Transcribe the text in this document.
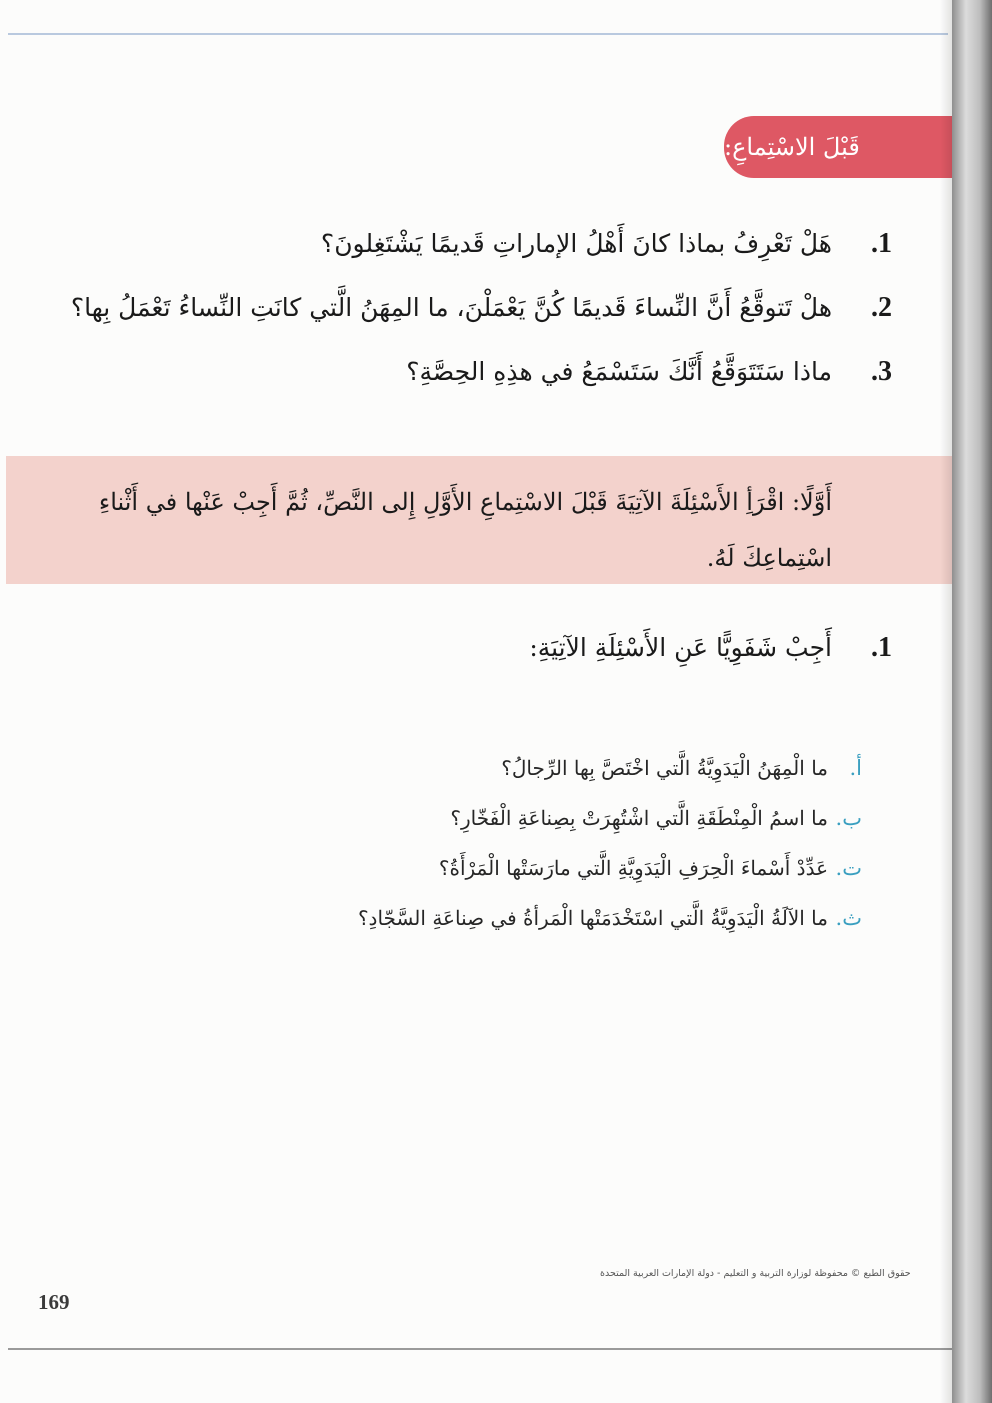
قَبْلَ الاسْتِماعِ:
1.
هَلْ تَعْرِفُ بماذا كانَ أَهْلُ الإماراتِ قَديمًا يَشْتَغِلونَ؟
2.
هلْ تَتوقَّعُ أَنَّ النِّساءَ قَديمًا كُنَّ يَعْمَلْنَ، ما المِهَنُ الَّتي كانَتِ النِّساءُ تَعْمَلُ بِها؟
3.
ماذا سَتَتَوَقَّعُ أَنَّكَ سَتَسْمَعُ في هذِهِ الحِصَّةِ؟
أَوَّلًا: اقْرَأِ الأَسْئِلَةَ الآتِيَةَ قَبْلَ الاسْتِماعِ الأَوَّلِ إِلى النَّصِّ، ثُمَّ أَجِبْ عَنْها في أَثْناءِ
اسْتِماعِكَ لَهُ.
1.
أَجِبْ شَفَوِيًّا عَنِ الأَسْئِلَةِ الآتِيَةِ:
أ.
ما الْمِهَنُ الْيَدَوِيَّةُ الَّتي اخْتَصَّ بِها الرِّجالُ؟
ب.
ما اسمُ الْمِنْطَقَةِ الَّتي اشْتُهِرَتْ بِصِناعَةِ الْفَخّارِ؟
ت.
عَدِّدْ أَسْماءَ الْحِرَفِ الْيَدَوِيَّةِ الَّتي مارَسَتْها الْمَرْأَةُ؟
ث.
ما الآلَةُ الْيَدَوِيَّةُ الَّتي اسْتَخْدَمَتْها الْمَرأةُ في صِناعَةِ السَّجّادِ؟
حقوق الطبع © محفوظة لوزارة التربية و التعليم - دولة الإمارات العربية المتحدة
169
